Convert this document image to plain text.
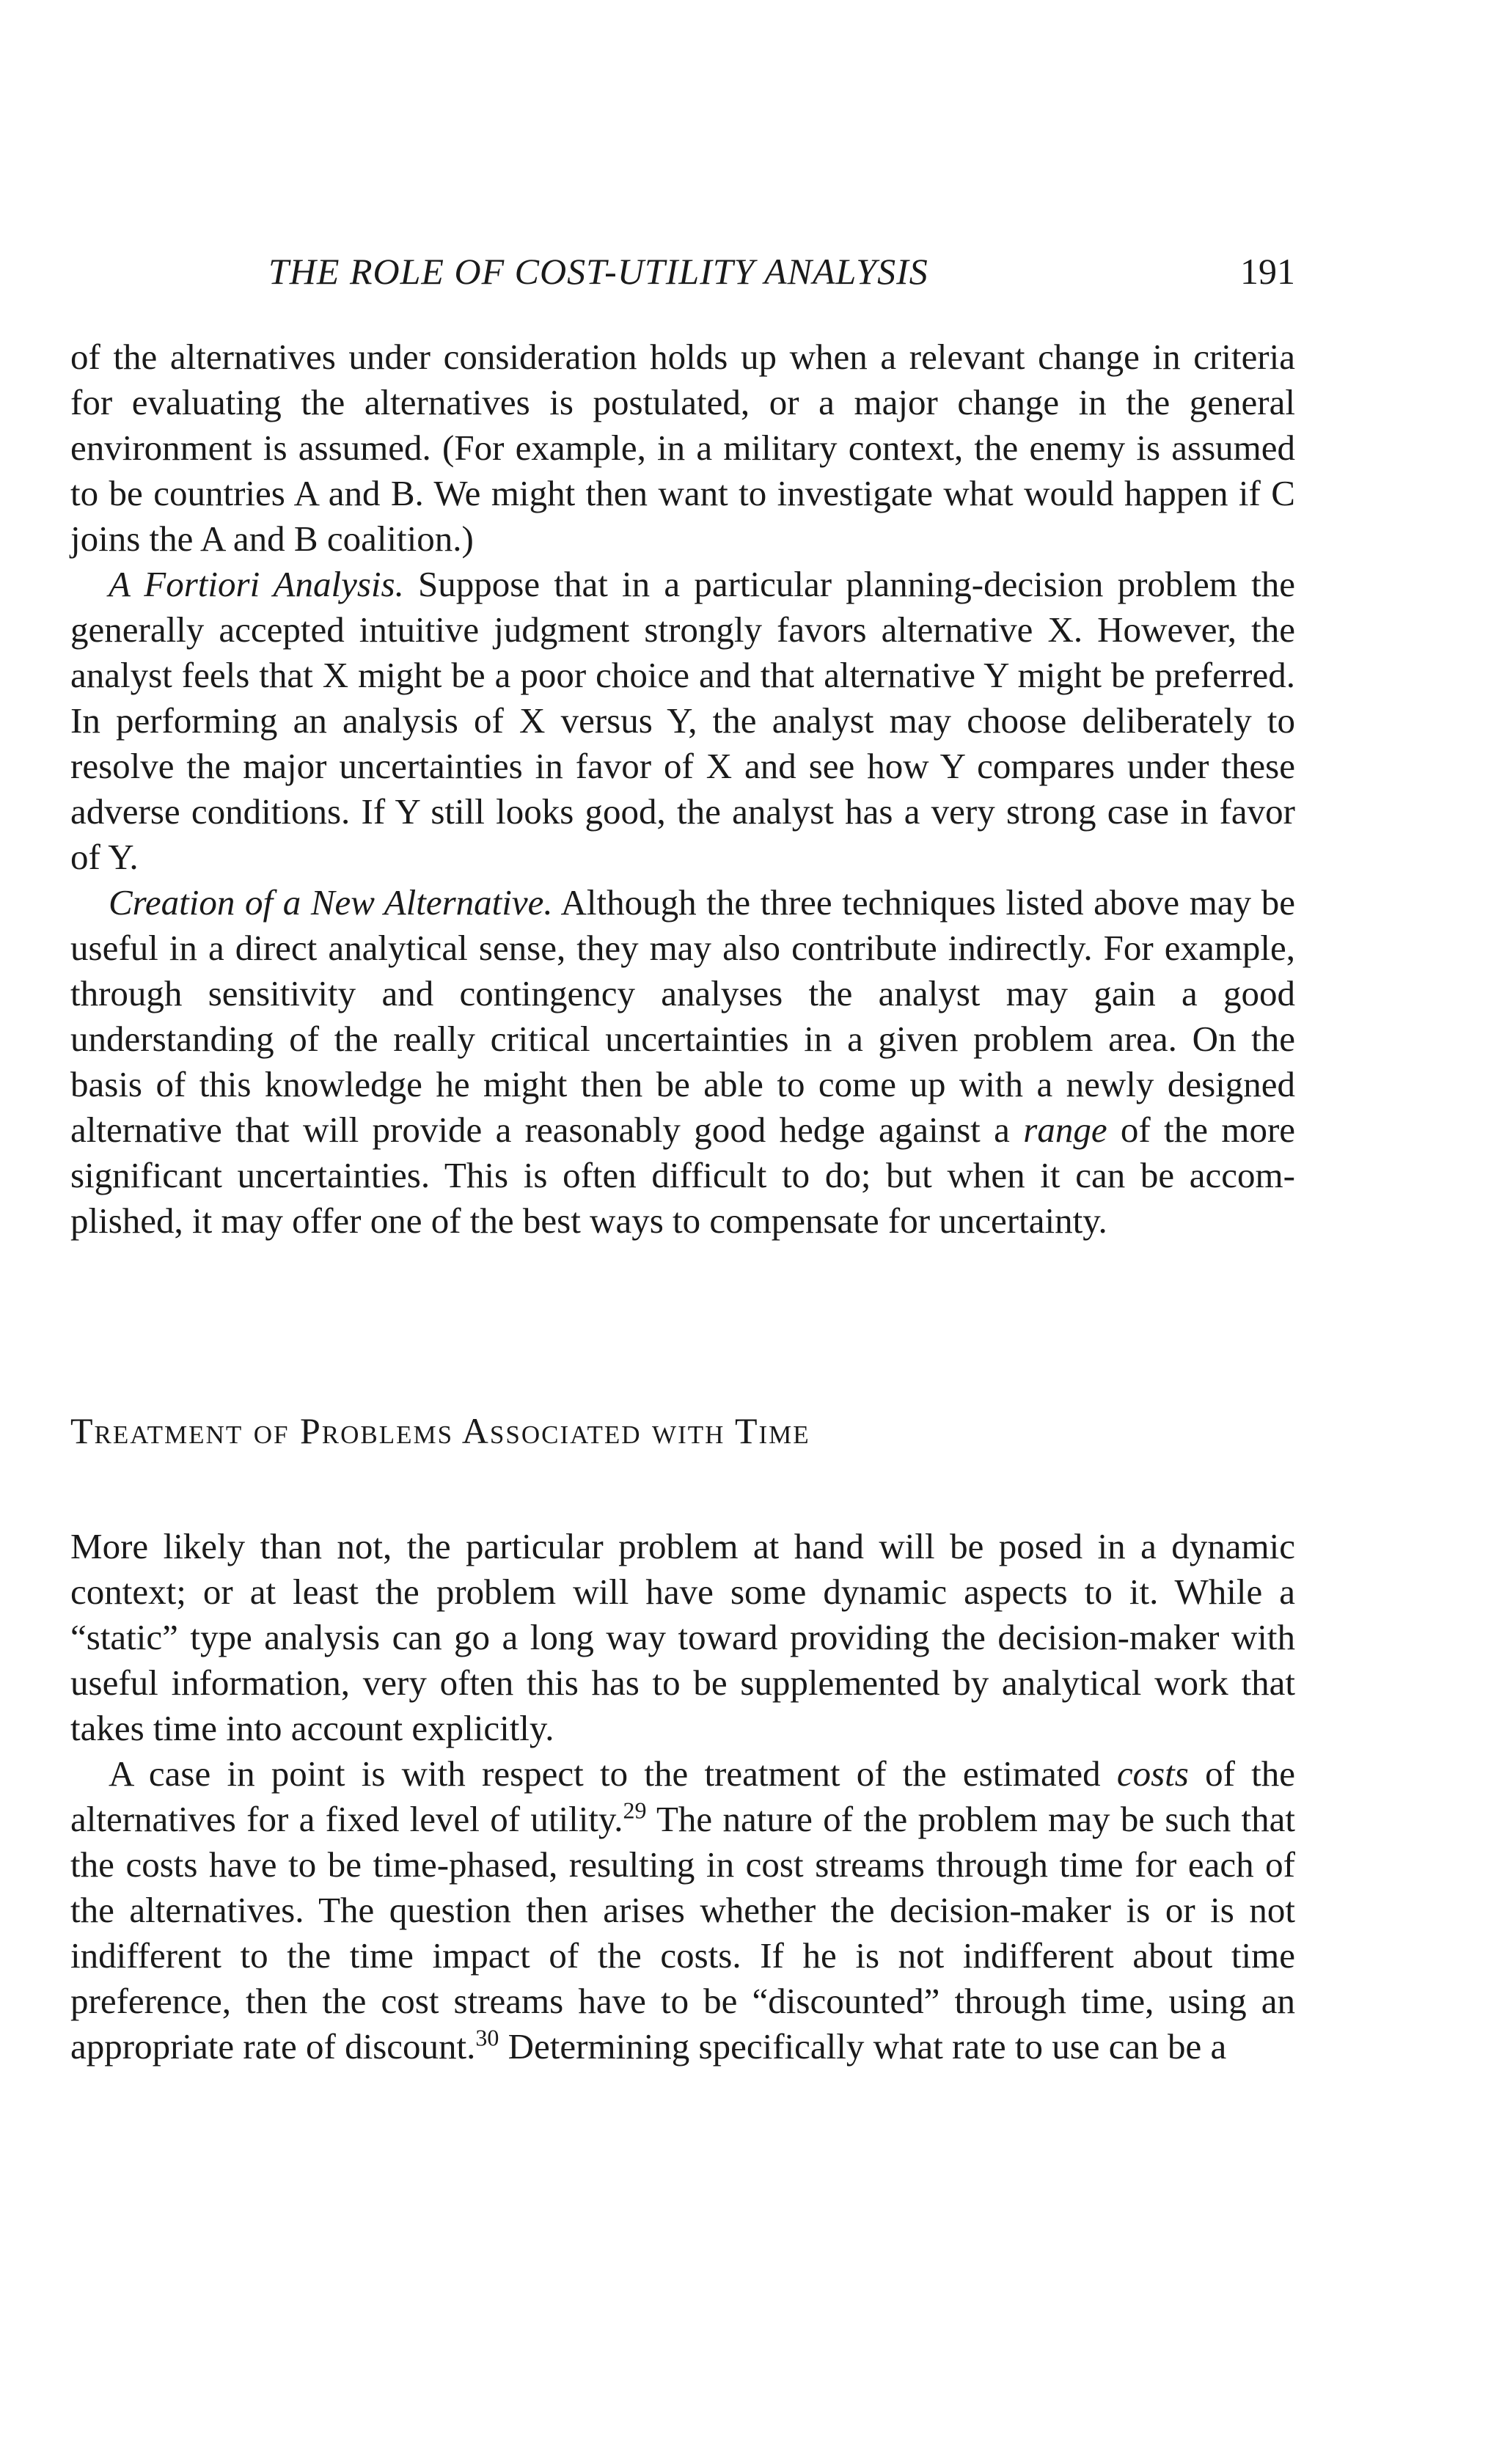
THE ROLE OF COST-UTILITY ANALYSIS	191

of the alternatives under consideration holds up when a relevant change in criteria for evaluating the alternatives is postulated, or a major change in the general environment is assumed. (For example, in a military context, the enemy is assumed to be countries A and B. We might then want to investigate what would happen if C joins the A and B coalition.)

A Fortiori Analysis. Suppose that in a particular planning-decision problem the generally accepted intuitive judgment strongly favors alternative X. However, the analyst feels that X might be a poor choice and that alternative Y might be preferred. In performing an analysis of X versus Y, the analyst may choose deliberately to resolve the major uncertainties in favor of X and see how Y compares under these adverse conditions. If Y still looks good, the analyst has a very strong case in favor of Y.

Creation of a New Alternative. Although the three techniques listed above may be useful in a direct analytical sense, they may also contribute indirectly. For example, through sensitivity and contingency analyses the analyst may gain a good understanding of the really critical uncertainties in a given problem area. On the basis of this knowledge he might then be able to come up with a newly designed alternative that will provide a reasonably good hedge against a range of the more significant uncertainties. This is often difficult to do; but when it can be accomplished, it may offer one of the best ways to compensate for uncertainty.

Treatment of Problems Associated with Time

More likely than not, the particular problem at hand will be posed in a dynamic context; or at least the problem will have some dynamic aspects to it. While a “static” type analysis can go a long way toward providing the decision-maker with useful information, very often this has to be supplemented by analytical work that takes time into account explicitly.

A case in point is with respect to the treatment of the estimated costs of the alternatives for a fixed level of utility.$^{29}$ The nature of the problem may be such that the costs have to be time-phased, resulting in cost streams through time for each of the alternatives. The question then arises whether the decision-maker is or is not indifferent to the time impact of the costs. If he is not indifferent about time preference, then the cost streams have to be “discounted” through time, using an appropriate rate of discount.$^{30}$ Determining specifically what rate to use can be a
